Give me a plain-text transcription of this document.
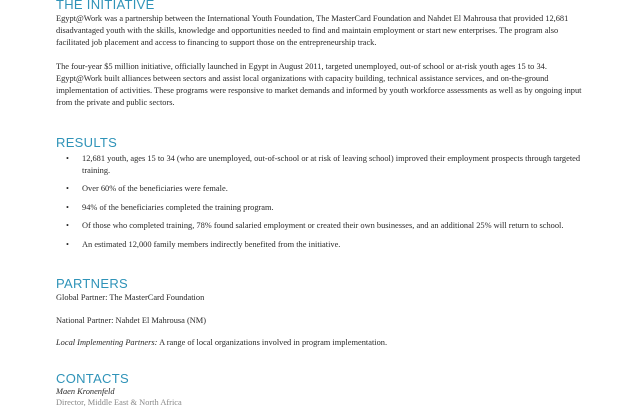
THE INITIATIVE

Egypt@Work was a partnership between the International Youth Foundation, The MasterCard Foundation and Nahdet El Mahrousa that provided 12,681 disadvantaged youth with the skills, knowledge and opportunities needed to find and maintain employment or start new enterprises. The program also facilitated job placement and access to financing to support those on the entrepreneurship track.

The four-year $5 million initiative, officially launched in Egypt in August 2011, targeted unemployed, out-of school or at-risk youth ages 15 to 34. Egypt@Work built alliances between sectors and assist local organizations with capacity building, technical assistance services, and on-the-ground implementation of activities. These programs were responsive to market demands and informed by youth workforce assessments as well as by ongoing input from the private and public sectors.

RESULTS
• 12,681 youth, ages 15 to 34 (who are unemployed, out-of-school or at risk of leaving school) improved their employment prospects through targeted training.
• Over 60% of the beneficiaries were female.
• 94% of the beneficiaries completed the training program.
• Of those who completed training, 78% found salaried employment or created their own businesses, and an additional 25% will return to school.
• An estimated 12,000 family members indirectly benefited from the initiative.
PARTNERS

Global Partner: The MasterCard Foundation

National Partner: Nahdet El Mahrousa (NM)

Local Implementing Partners: A range of local organizations involved in program implementation.

CONTACTS

Maen Kronenfeld

Director, Middle East & North Africa
